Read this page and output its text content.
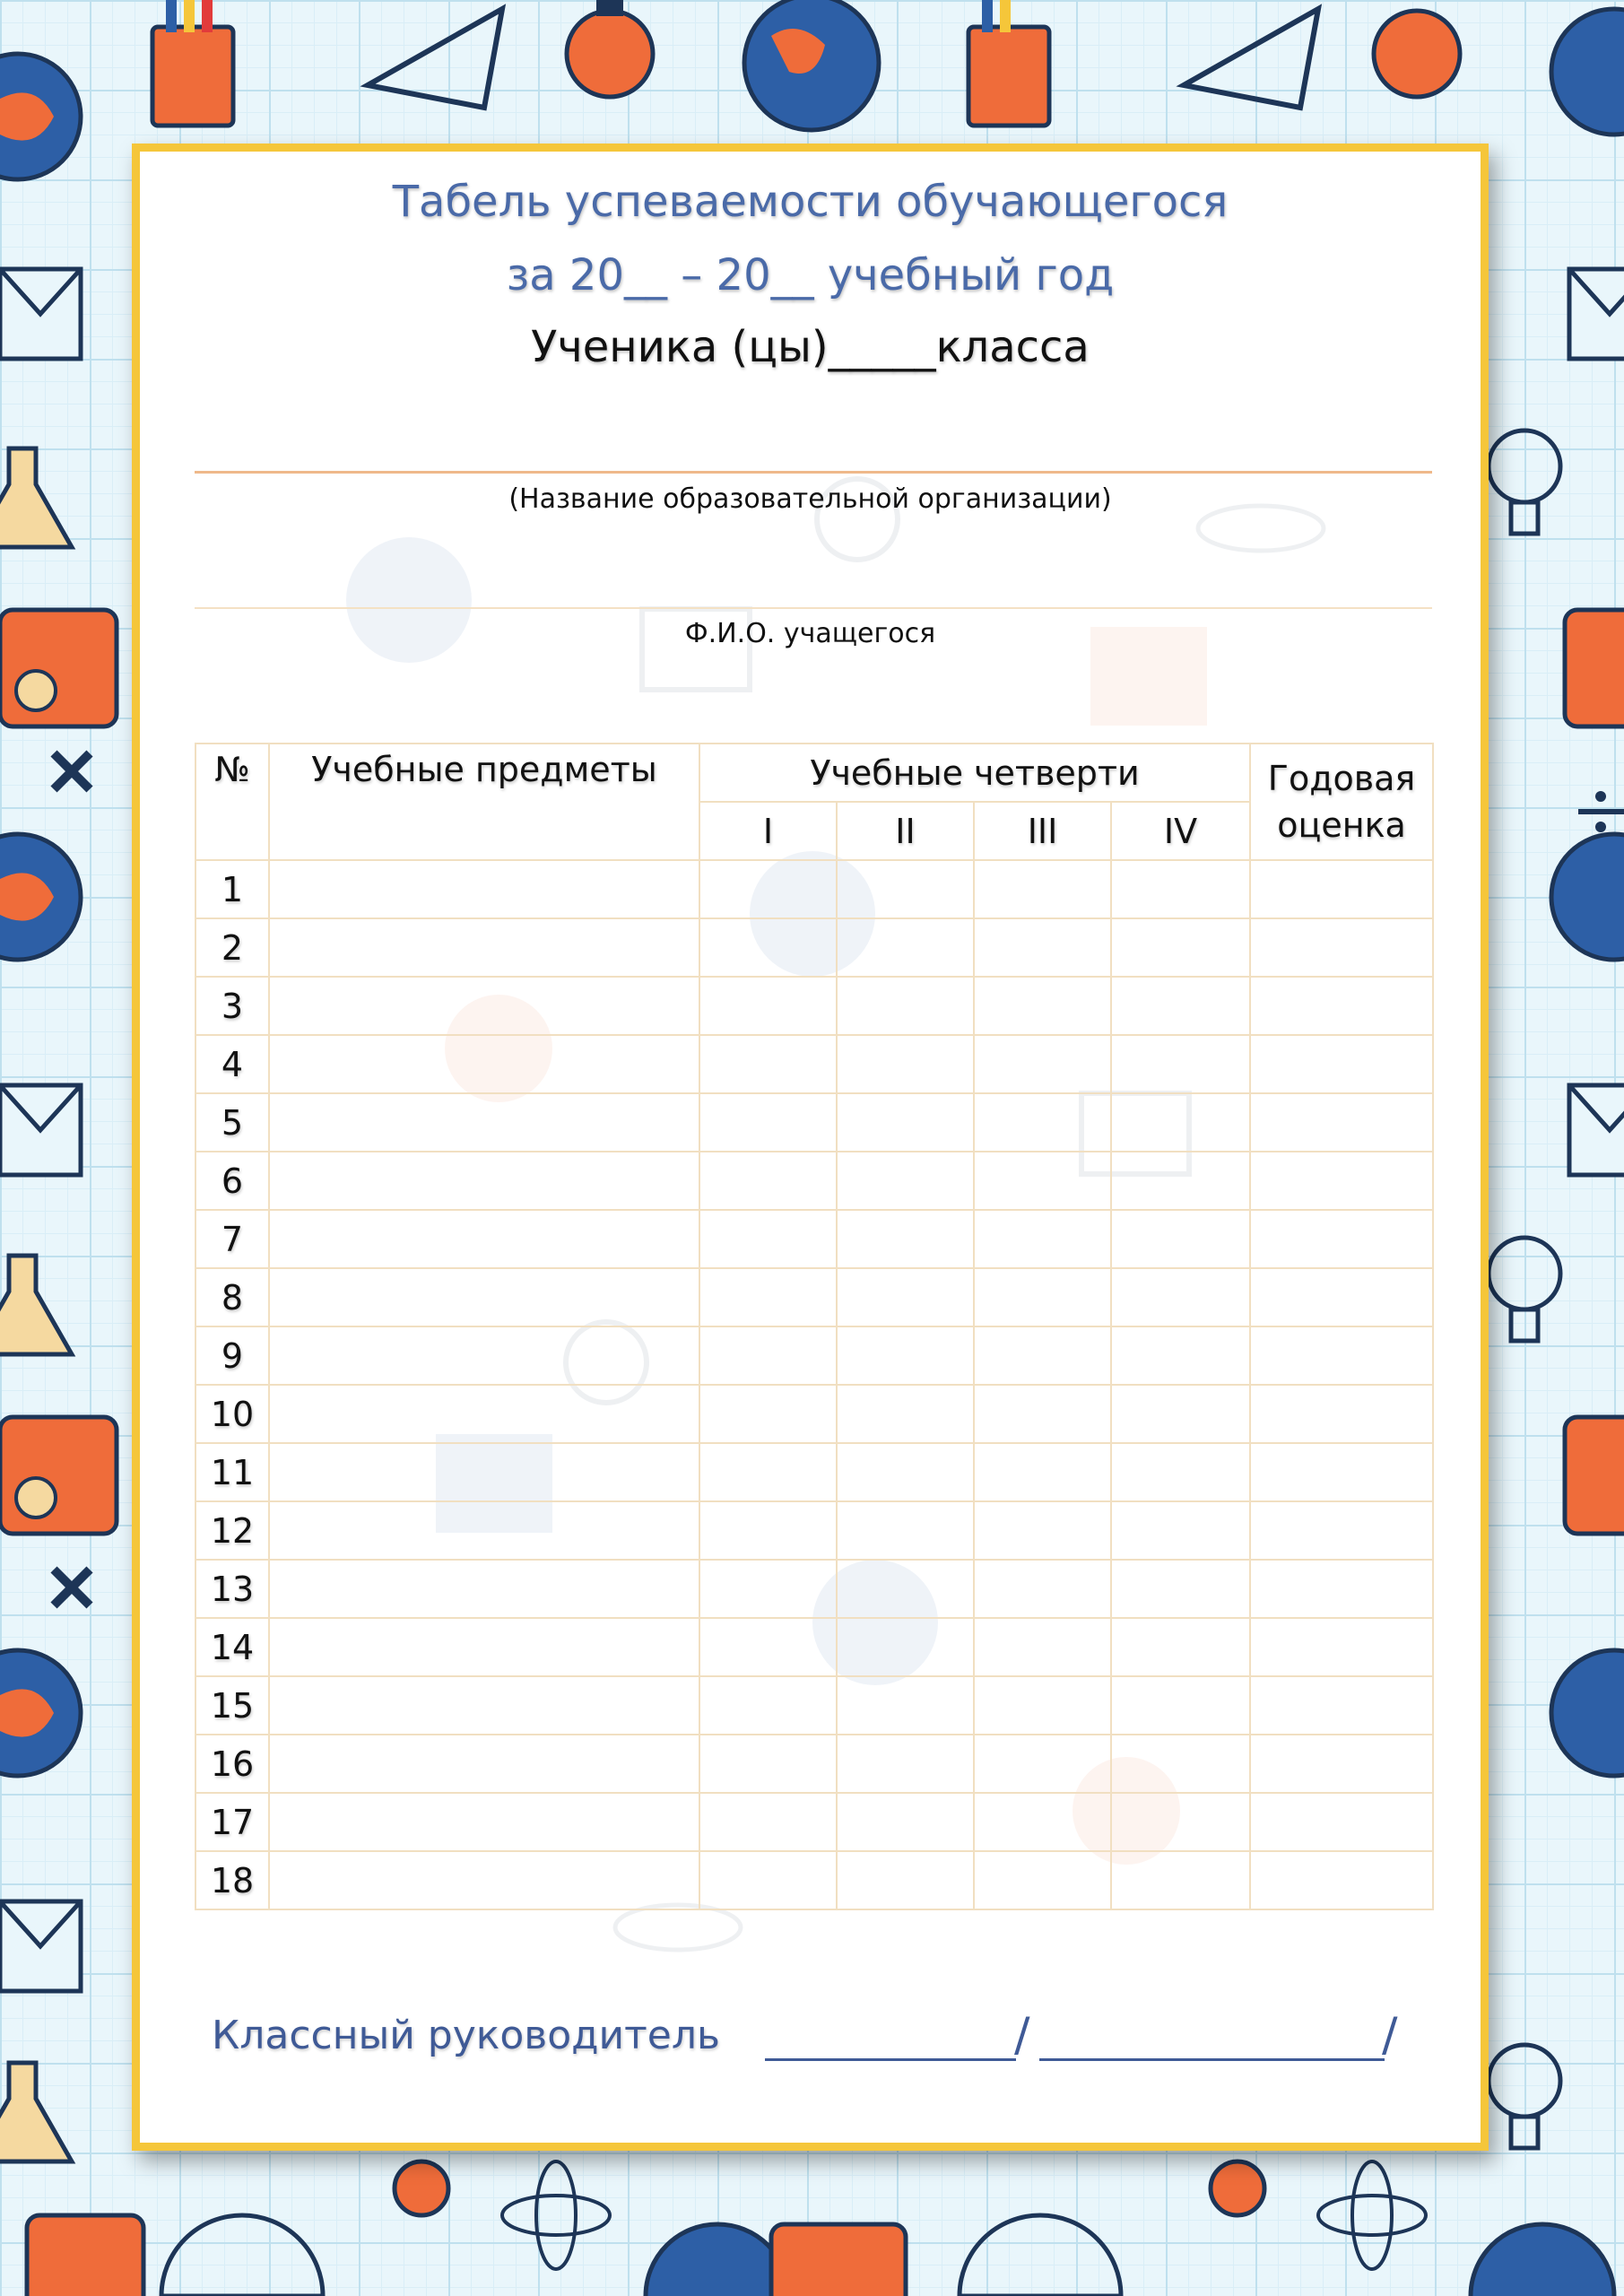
Табель успеваемости обучающегося
за 20__ – 20__ учебный год
Ученика (цы)_____класса
(Название образовательной организации)
Ф.И.О. учащегося
№	Учебные предметы	Учебные четверти				Годовая
оценка

		I	II	III	IV	
1						
2						
3						
4						
5						
6						
7						
8						
9						
10						
11						
12						
13						
14						
15						
16						
17						
18						
Классный руководитель	/	/
